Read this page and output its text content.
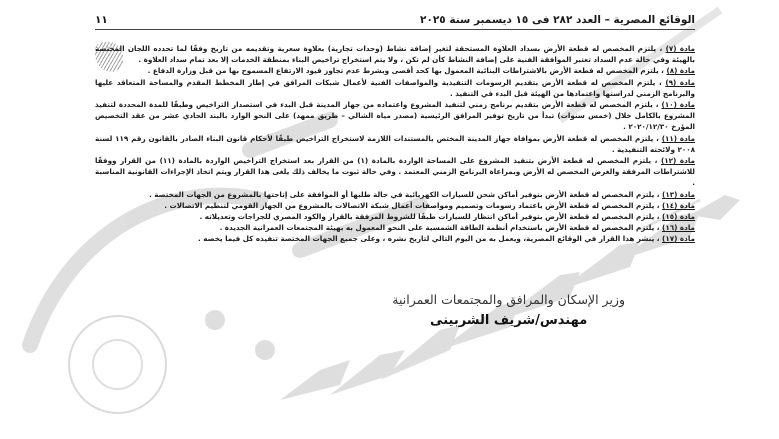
الوقائع المصرية – العدد ٢٨٢ فى ١٥ ديسمبر سنة ٢٠٢٥
١١

مادة (٧) ، يلتزم المخصص له قطعة الأرض بسداد العلاوة المستحقة لتغير إضافة نشاط (وحدات تجارية) بعلاوة سعرية وتقديمه من تاريخ وفقًا لما تحدده اللجان المختصة بالهيئة وفي حالة عدم السداد تعتبر الموافقة الفنية على إضافة النشاط كأن لم تكن ، ولا يتم استخراج تراخيص البناء بمنطقة الخدمات إلا بعد تمام سداد العلاوة .

مادة (٨) ، يلتزم المخصص له قطعة الأرض بالاشتراطات البنائية المعمول بها كحد أقصى وبشرط عدم تجاوز قيود الارتفاع المسموح بها من قبل وزارة الدفاع .

مادة (٩) ، يلتزم المخصص له قطعة الأرض بتقديم الرسومات التنفيذية والمواصفات الفنية لأعمال شبكات المرافق في إطار المخطط المقدم والمساحة المتعاقد عليها والبرنامج الزمني لدراستها واعتمادها من الهيئة قبل البدء في التنفيذ .

مادة (١٠) ، يلتزم المخصص له قطعة الأرض بتقديم برنامج زمني لتنفيذ المشروع واعتماده من جهاز المدينة قبل البدء في استصدار التراخيص وطبقًا للمدة المحددة لتنفيذ المشروع بالكامل خلال (خمس سنوات) تبدأ من تاريخ توفير المرافق الرئيسية (مصدر مياه الشالي – طريق ممهد) على النحو الوارد بالبند الحادي عشر من عقد التخصيص المؤرخ ٢٠٢٠/١٢/٣٠ .

مادة (١١) ، يلتزم المخصص له قطعة الأرض بموافاة جهاز المدينة المختص بالمستندات اللازمة لاستخراج التراخيص طبقًا لأحكام قانون البناء الصادر بالقانون رقم ١١٩ لسنة ٢٠٠٨ ولائحته التنفيذية .

مادة (١٢) ، يلتزم المخصص له قطعة الأرض بتنفيذ المشروع على المساحة الواردة بالمادة (١) من القرار بعد استخراج التراخيص الواردة بالمادة (١١) من القرار ووفقًا للاشتراطات المرفقة والغرض المخصص له الأرض وبمراعاة البرنامج الزمني المعتمد . وفي حالة ثبوت ما يخالف ذلك يلغى هذا القرار ويتم اتخاذ الإجراءات القانونية المناسبة .

مادة (١٣) ، يلتزم المخصص له قطعة الأرض بتوفير أماكن شحن للسيارات الكهربائية في حالة طلبها أو الموافقة على إتاحتها بالمشروع من الجهات المختصة .

مادة (١٤) ، يلتزم المخصص له قطعة الأرض باعتماد رسومات وتصميم ومواصفات أعمال شبكة الاتصالات بالمشروع من الجهاز القومي لتنظيم الاتصالات .

مادة (١٥) ، يلتزم المخصص له قطعة الأرض بتوفير أماكن انتظار للسيارات طبقًا للشروط المرفقة بالقرار والكود المصري للجراجات وتعديلاته .

مادة (١٦) ، يلتزم المخصص له قطعة الأرض باستخدام أنظمة الطاقة الشمسية على النحو المعمول به بهيئة المجتمعات العمرانية الجديدة .

مادة (١٧) ، ينشر هذا القرار في الوقائع المصرية، ويعمل به من اليوم التالي لتاريخ نشره ، وعلى جميع الجهات المختصة تنفيذه كل فيما يخصه .

وزير الإسكان والمرافق والمجتمعات العمرانية
مهندس/شريف الشربينى
